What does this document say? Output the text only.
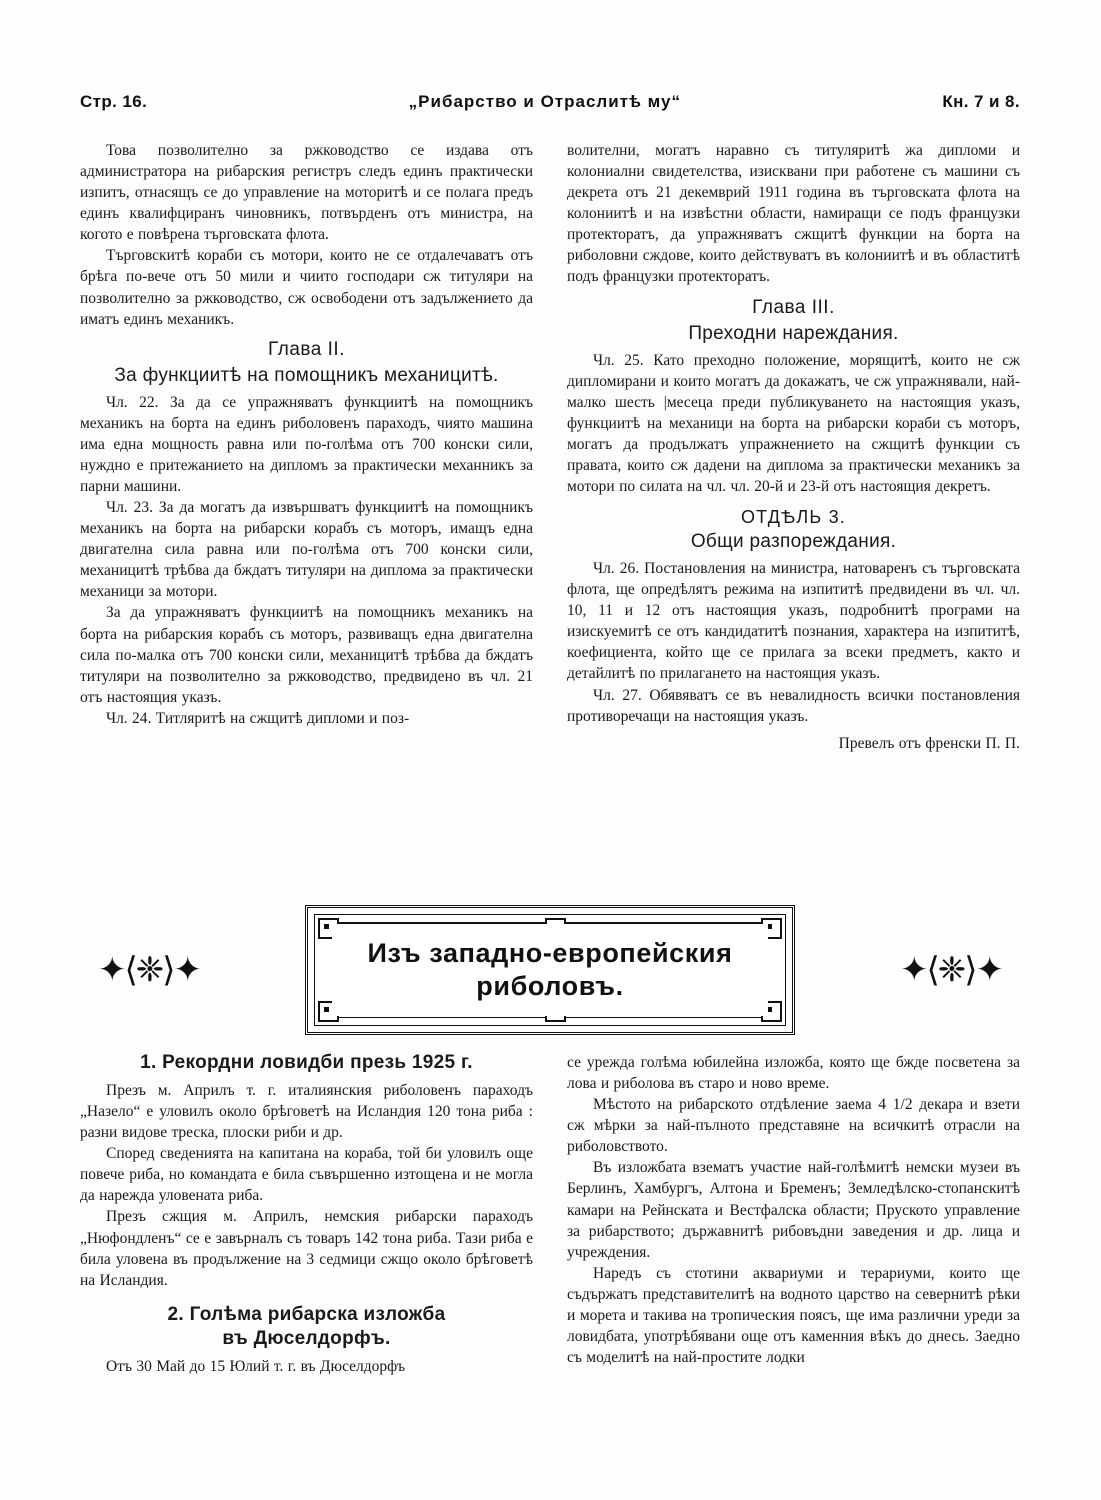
Стр. 16.	„Рибарство и Отраслитѣ му“	Кн. 7 и 8.

Това позволително за ржководство се издава отъ администратора на рибарския регистръ следъ единъ практически изпитъ, отнасящъ се до управление на моторитѣ и се полага предъ единъ квалифциранъ чиновникъ, потвърденъ отъ министра, на когото е повѣрена търговската флота.

Търговскитѣ кораби съ мотори, които не се отдалечаватъ отъ брѣга по-вече отъ 50 мили и чиито господари сж титуляри на позволително за ржководство, сж освободени отъ задължението да иматъ единъ механикъ.

Глава II.
За функциитѣ на помощникъ механицитѣ.

Чл. 22. За да се упражняватъ функциитѣ на помощникъ механикъ на борта на единъ риболовенъ параходъ, чиято машина има една мощность равна или по-голѣма отъ 700 конски сили, нуждно е притежанието на дипломъ за практически механникъ за парни машини.

Чл. 23. За да могатъ да извършватъ функциитѣ на помощникъ механикъ на борта на рибарски корабъ съ моторъ, имащъ една двигателна сила равна или по-голѣма отъ 700 конски сили, механицитѣ трѣбва да бждатъ титуляри на диплома за практически механици за мотори.

За да упражняватъ функциитѣ на помощникъ механикъ на борта на рибарския корабъ съ моторъ, развиващъ една двигателна сила по-малка отъ 700 конски сили, механицитѣ трѣбва да бждатъ титуляри на позволително за ржководство, предвидено въ чл. 21 отъ настоящия указъ.

Чл. 24. Титляритѣ на сжщитѣ дипломи и поз-

волителни, могатъ наравно съ титуляритѣ жа дипломи и колониални свидетелства, изисквани при работене съ машини съ декрета отъ 21 декемврий 1911 година въ търговската флота на колониитѣ и на извѣстни области, намиращи се подъ французки протекторатъ, да упражняватъ сжщитѣ функции на борта на риболовни сждове, които действуватъ въ колониитѣ и въ областитѣ подъ французки протекторатъ.

Глава III.
Преходни нареждания.

Чл. 25. Като преходно положение, морящитѣ, които не сж дипломирани и които могатъ да докажатъ, че сж упражнявали, най-малко шесть |месеца преди публикуването на настоящия указъ, функциитѣ на механици на борта на рибарски кораби съ моторъ, могатъ да продължатъ упражнението на сжщитѣ функции съ правата, които сж дадени на диплома за практически механикъ за мотори по силата на чл. чл. 20-й и 23-й отъ настоящия декретъ.

ОТДѢЛЬ 3.
Общи разпореждания.

Чл. 26. Постановления на министра, натоваренъ съ търговската флота, ще опредѣлятъ режима на изпититѣ предвидени въ чл. чл. 10, 11 и 12 отъ настоящия указъ, подробнитѣ програми на изискуемитѣ се отъ кандидатитѣ познания, характера на изпититѣ, коефициента, който ще се прилага за всеки предметъ, както и детайлитѣ по прилагането на настоящия указъ.

Чл. 27. Обявяватъ се въ невалидность всички постановления противоречащи на настоящия указъ.

Превелъ отъ френски П. П.

✦⟨❈⟩✦	✦⟨❈⟩✦
Изъ западно-европейския
риболовъ.
1. Рекордни ловидби презь 1925 г.

Презъ м. Априлъ т. г. италиянския риболовенъ параходъ „Назело“ е уловилъ около брѣговетѣ на Исландия 120 тона риба : разни видове треска, плоски риби и др.

Според сведенията на капитана на кораба, той би уловилъ още повече риба, но командата е била съвършенно изтощена и не могла да нарежда уловената риба.

Презъ сжщия м. Априлъ, немския рибарски параходъ „Нюфондленъ“ се е завърналъ съ товаръ 142 тона риба. Тази риба е била уловена въ продължение на 3 седмици сжщо около брѣговетѣ на Исландия.

2. Голѣма рибарска изложба
въ Дюселдорфъ.

Отъ 30 Май до 15 Юлий т. г. въ Дюселдорфъ

се урежда голѣма юбилейна изложба, която ще бжде посветена за лова и риболова въ старо и ново време.

Мѣстото на рибарското отдѣление заема 4 1/2 декара и взети сж мѣрки за най-пълното представяне на всичкитѣ отрасли на риболовството.

Въ изложбата взематъ участие най-голѣмитѣ немски музеи въ Берлинъ, Хамбургъ, Алтона и Бременъ; Земледѣлско-стопанскитѣ камари на Рейнската и Вестфалска области; Пруското управление за рибарството; държавнитѣ рибовъдни заведения и др. лица и учреждения.

Наредъ съ стотини аквариуми и терариуми, които ще съдържатъ представителитѣ на водното царство на севернитѣ рѣки и морета и такива на тропическия поясъ, ще има различни уреди за ловидбата, употрѣбявани още отъ каменния вѣкъ до днесь. Заедно съ моделитѣ на най-простите лодки
